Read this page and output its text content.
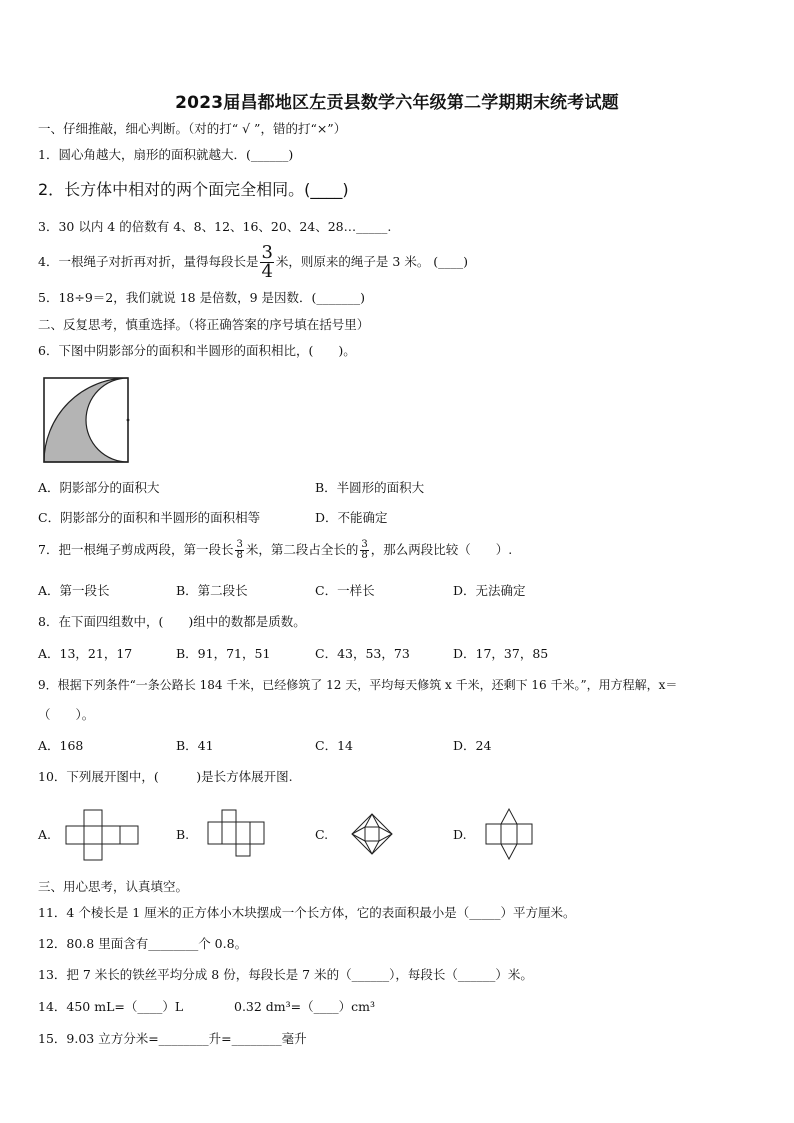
2023届昌都地区左贡县数学六年级第二学期期末统考试题
一、仔细推敲，细心判断。（对的打“ √ ”，错的打“×”）
1．圆心角越大，扇形的面积就越大．(______)
2．长方体中相对的两个面完全相同。(____)
3．30 以内 4 的倍数有 4、8、12、16、20、24、28…_____.
4．一根绳子对折再对折，量得每段长是 $\frac{3}{4}$ 米，则原来的绳子是 3 米。 (____)
5．18÷9＝2，我们就说 18 是倍数，9 是因数．(_______)
二、反复思考，慎重选择。（将正确答案的序号填在括号里）
6．下图中阴影部分的面积和半圆形的面积相比，(　　)。
A．阴影部分的面积大	B．半圆形的面积大
C．阴影部分的面积和半圆形的面积相等	D．不能确定
7．把一根绳子剪成两段，第一段长 $\frac{3}{8}$ 米，第二段占全长的 $\frac{3}{8}$ ，那么两段比较（　　）.
A．第一段长	B．第二段长	C．一样长	D．无法确定
8．在下面四组数中，(　　)组中的数都是质数。
A．13，21，17	B．91，71，51	C．43，53，73	D．17，37，85
9．根据下列条件“一条公路长 184 千米，已经修筑了 12 天，平均每天修筑 x 千米，还剩下 16 千米。”，用方程解，x＝
（　　）。
A．168	B．41	C．14	D．24
10．下列展开图中，(　　　)是长方体展开图.
A.	B.	C.	D.
三、用心思考，认真填空。
11．4 个棱长是 1 厘米的正方体小木块摆成一个长方体，它的表面积最小是（_____）平方厘米。
12．80.8 里面含有________个 0.8。
13．把 7 米长的铁丝平均分成 8 份，每段长是 7 米的（______），每段长（______）米。
14．450 mL=（____）L	0.32 dm³=（____）cm³
15．9.03 立方分米=________升=________毫升
